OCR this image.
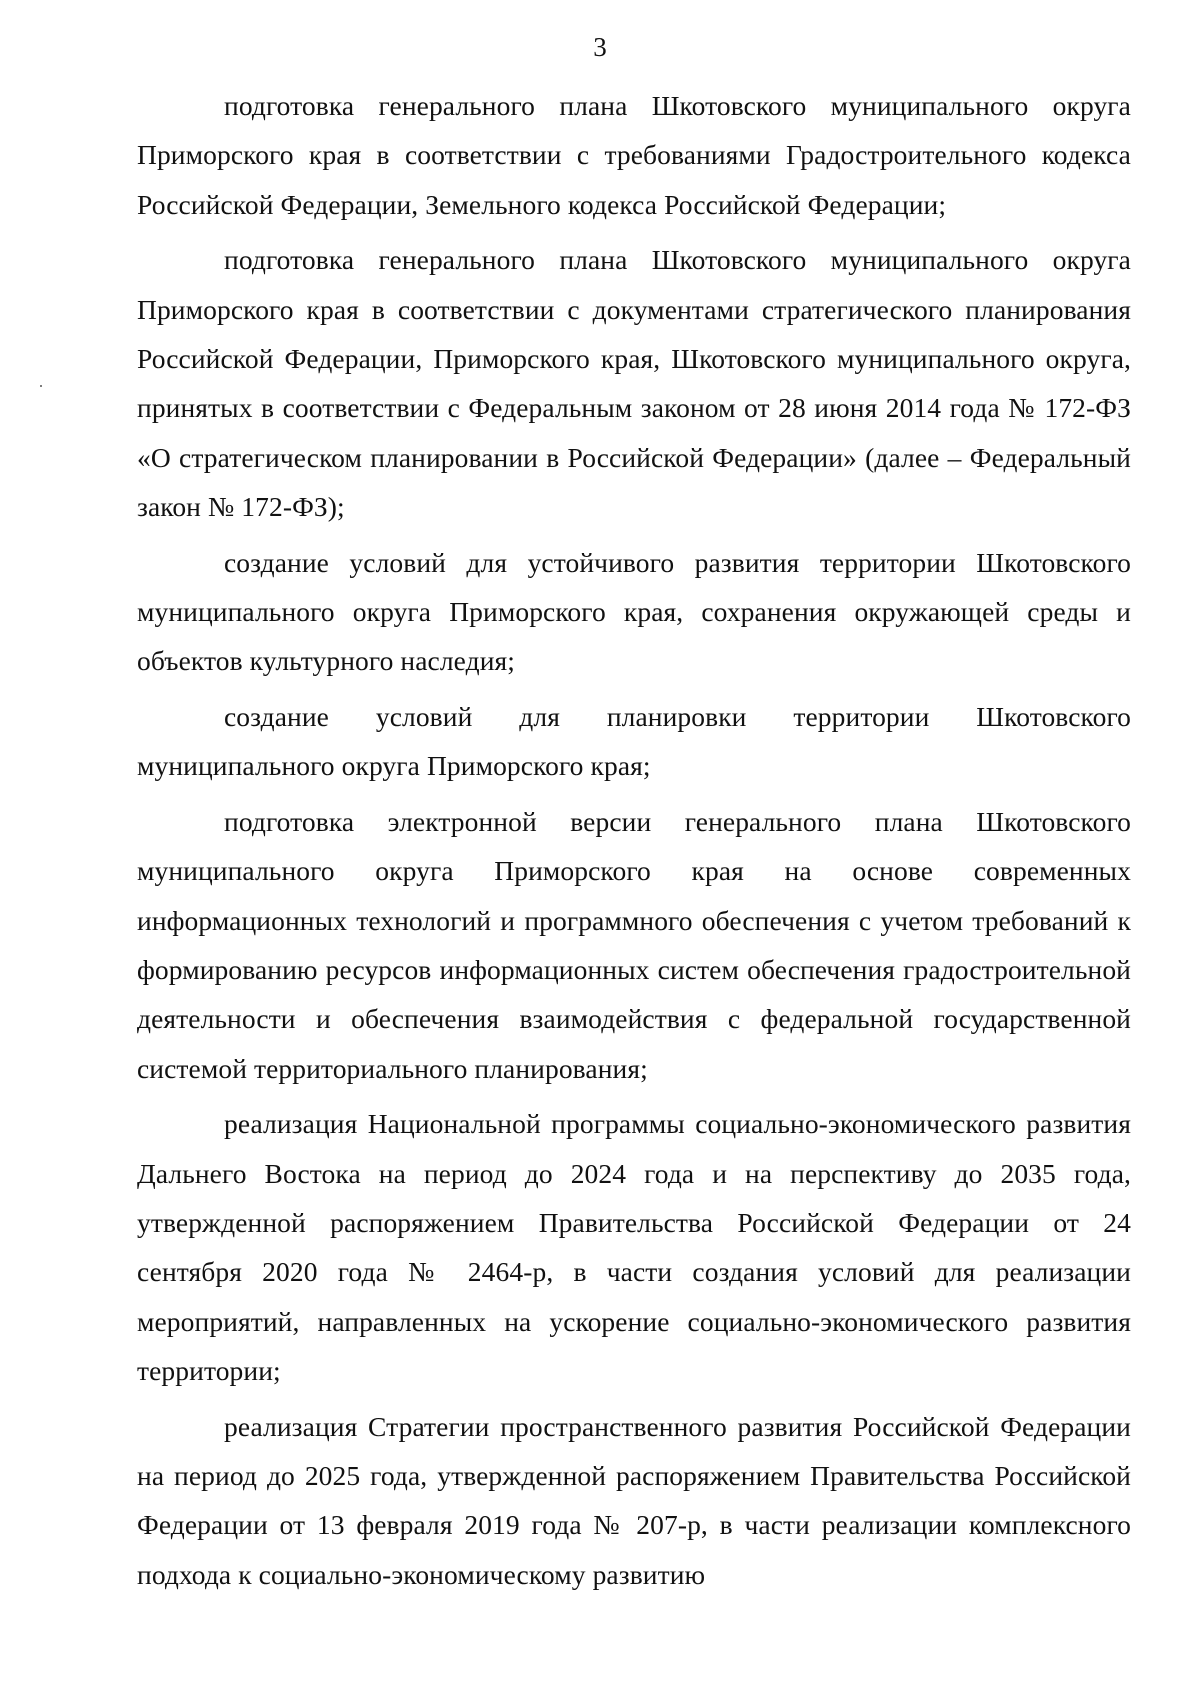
3

подготовка генерального плана Шкотовского муниципального округа Приморского края в соответствии с требованиями Градостроительного кодекса Российской Федерации, Земельного кодекса Российской Федерации;

подготовка генерального плана Шкотовского муниципального округа Приморского края в соответствии с документами стратегического планирования Российской Федерации, Приморского края, Шкотовского муниципального округа, принятых в соответствии с Федеральным законом от 28 июня 2014 года № 172-ФЗ «О стратегическом планировании в Российской Федерации» (далее – Федеральный закон № 172-ФЗ);

создание условий для устойчивого развития территории Шкотовского муниципального округа Приморского края, сохранения окружающей среды и объектов культурного наследия;

создание условий для планировки территории Шкотовского муниципального округа Приморского края;

подготовка электронной версии генерального плана Шкотовского муниципального округа Приморского края на основе современных информационных технологий и программного обеспечения с учетом требований к формированию ресурсов информационных систем обеспечения градостроительной деятельности и обеспечения взаимодействия с федеральной государственной системой территориального планирования;

реализация Национальной программы социально-экономического развития Дальнего Востока на период до 2024 года и на перспективу до 2035 года, утвержденной распоряжением Правительства Российской Федерации от 24 сентября 2020 года № 2464-р, в части создания условий для реализации мероприятий, направленных на ускорение социально-экономического развития территории;

реализация Стратегии пространственного развития Российской Федерации на период до 2025 года, утвержденной распоряжением Правительства Российской Федерации от 13 февраля 2019 года № 207-р, в части реализации комплексного подхода к социально-экономическому развитию
